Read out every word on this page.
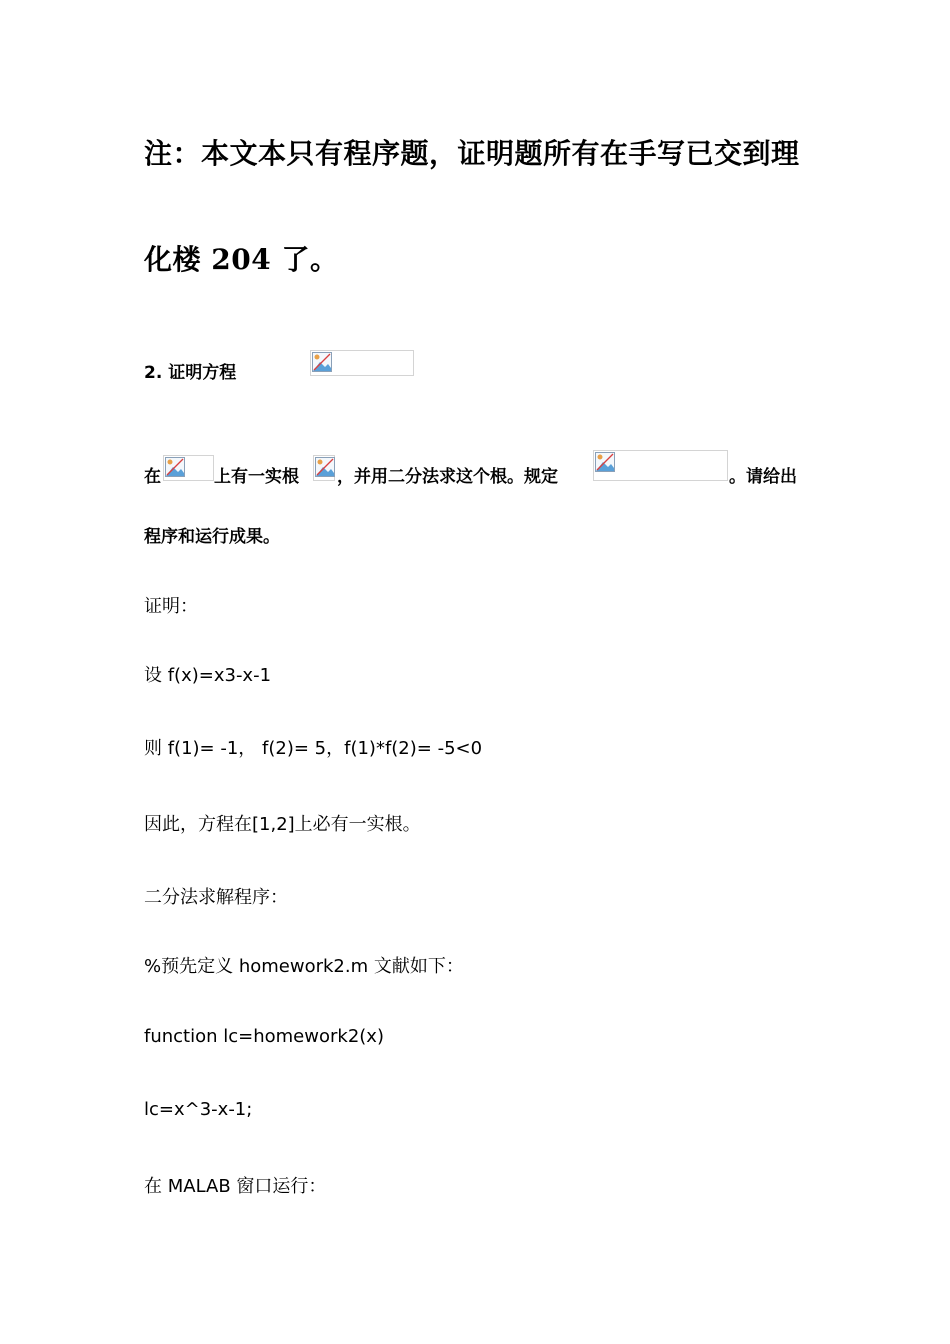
注：本文本只有程序题，证明题所有在手写已交到理
化楼 204 了。
2. 证明方程
在	上有一实根 ，并用二分法求这个根。规定	。请给出
程序和运行成果。
证明：
设 f(x)=x3-x-1
则 f(1)= -1， f(2)= 5，f(1)*f(2)= -5<0
因此，方程在[1,2]上必有一实根。
二分法求解程序：
%预先定义 homework2.m 文献如下：
function lc=homework2(x)
lc=x^3-x-1;
在 MALAB 窗口运行：
